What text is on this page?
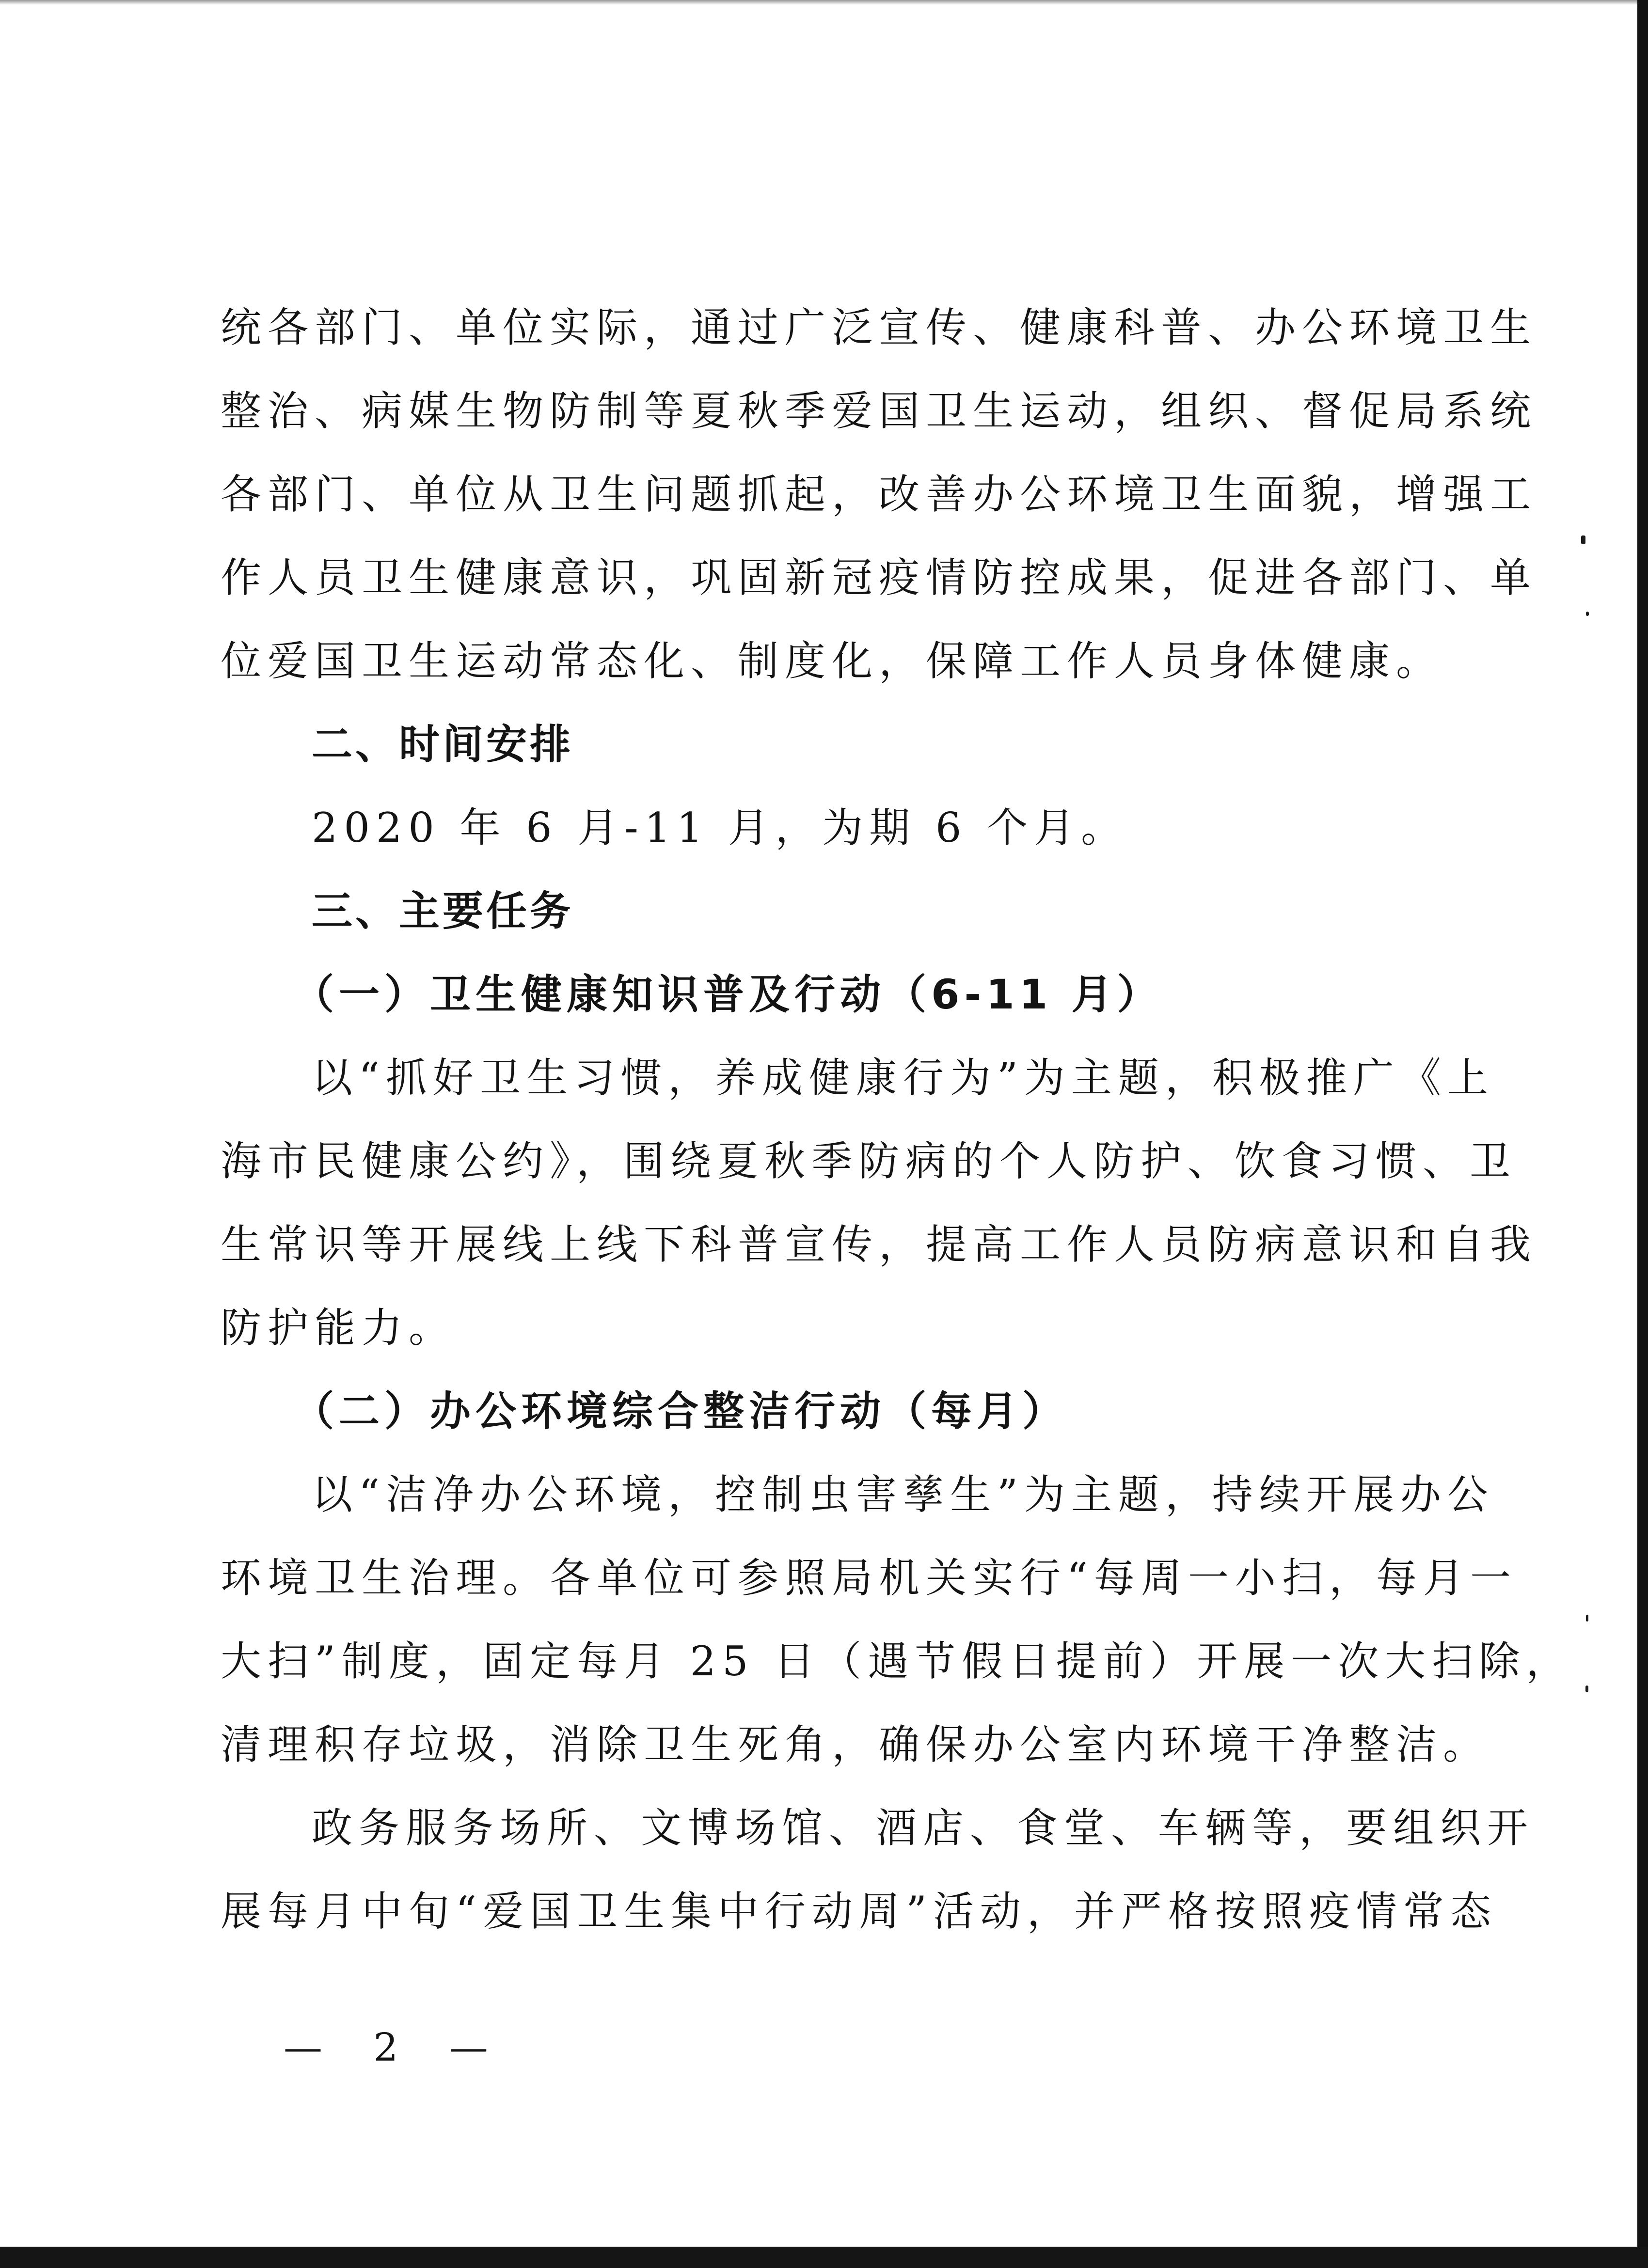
统各部门、单位实际，通过广泛宣传、健康科普、办公环境卫生

整治、病媒生物防制等夏秋季爱国卫生运动，组织、督促局系统

各部门、单位从卫生问题抓起，改善办公环境卫生面貌，增强工

作人员卫生健康意识，巩固新冠疫情防控成果，促进各部门、单

位爱国卫生运动常态化、制度化，保障工作人员身体健康。

二、时间安排

2020 年 6 月-11 月，为期 6 个月。

三、主要任务

（一）卫生健康知识普及行动（6-11 月）

以“抓好卫生习惯，养成健康行为”为主题，积极推广《上

海市民健康公约》，围绕夏秋季防病的个人防护、饮食习惯、卫

生常识等开展线上线下科普宣传，提高工作人员防病意识和自我

防护能力。

（二）办公环境综合整洁行动（每月）

以“洁净办公环境，控制虫害孳生”为主题，持续开展办公

环境卫生治理。各单位可参照局机关实行“每周一小扫，每月一

大扫”制度，固定每月 25 日（遇节假日提前）开展一次大扫除，

清理积存垃圾，消除卫生死角，确保办公室内环境干净整洁。

政务服务场所、文博场馆、酒店、食堂、车辆等，要组织开

展每月中旬“爱国卫生集中行动周”活动，并严格按照疫情常态

— 2 —
